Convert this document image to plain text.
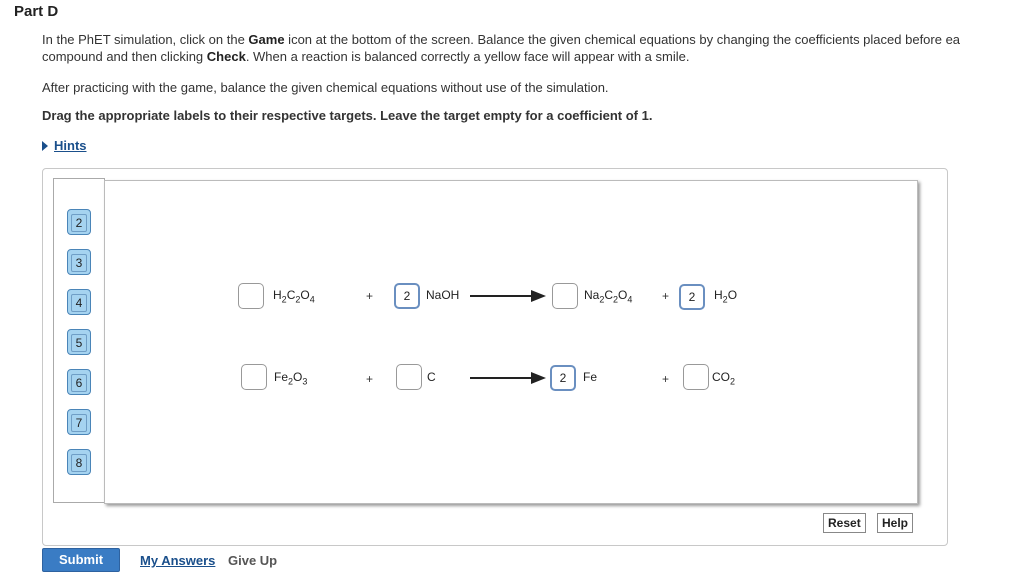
Part D
In the PhET simulation, click on the Game icon at the bottom of the screen. Balance the given chemical equations by changing the coefficients placed before ea
compound and then clicking Check. When a reaction is balanced correctly a yellow face will appear with a smile.
After practicing with the game, balance the given chemical equations without use of the simulation.
Drag the appropriate labels to their respective targets. Leave the target empty for a coefficient of 1.
Hints
2
3
4
5
6
7
8
$H_2C_2O_4$	+	2	NaOH →	$Na_2C_2O_4$ +	2	$H_2O$
$Fe_2O_3$	+	C	2	Fe	+	$CO_2$
Reset	Help
Submit	My Answers Give Up
